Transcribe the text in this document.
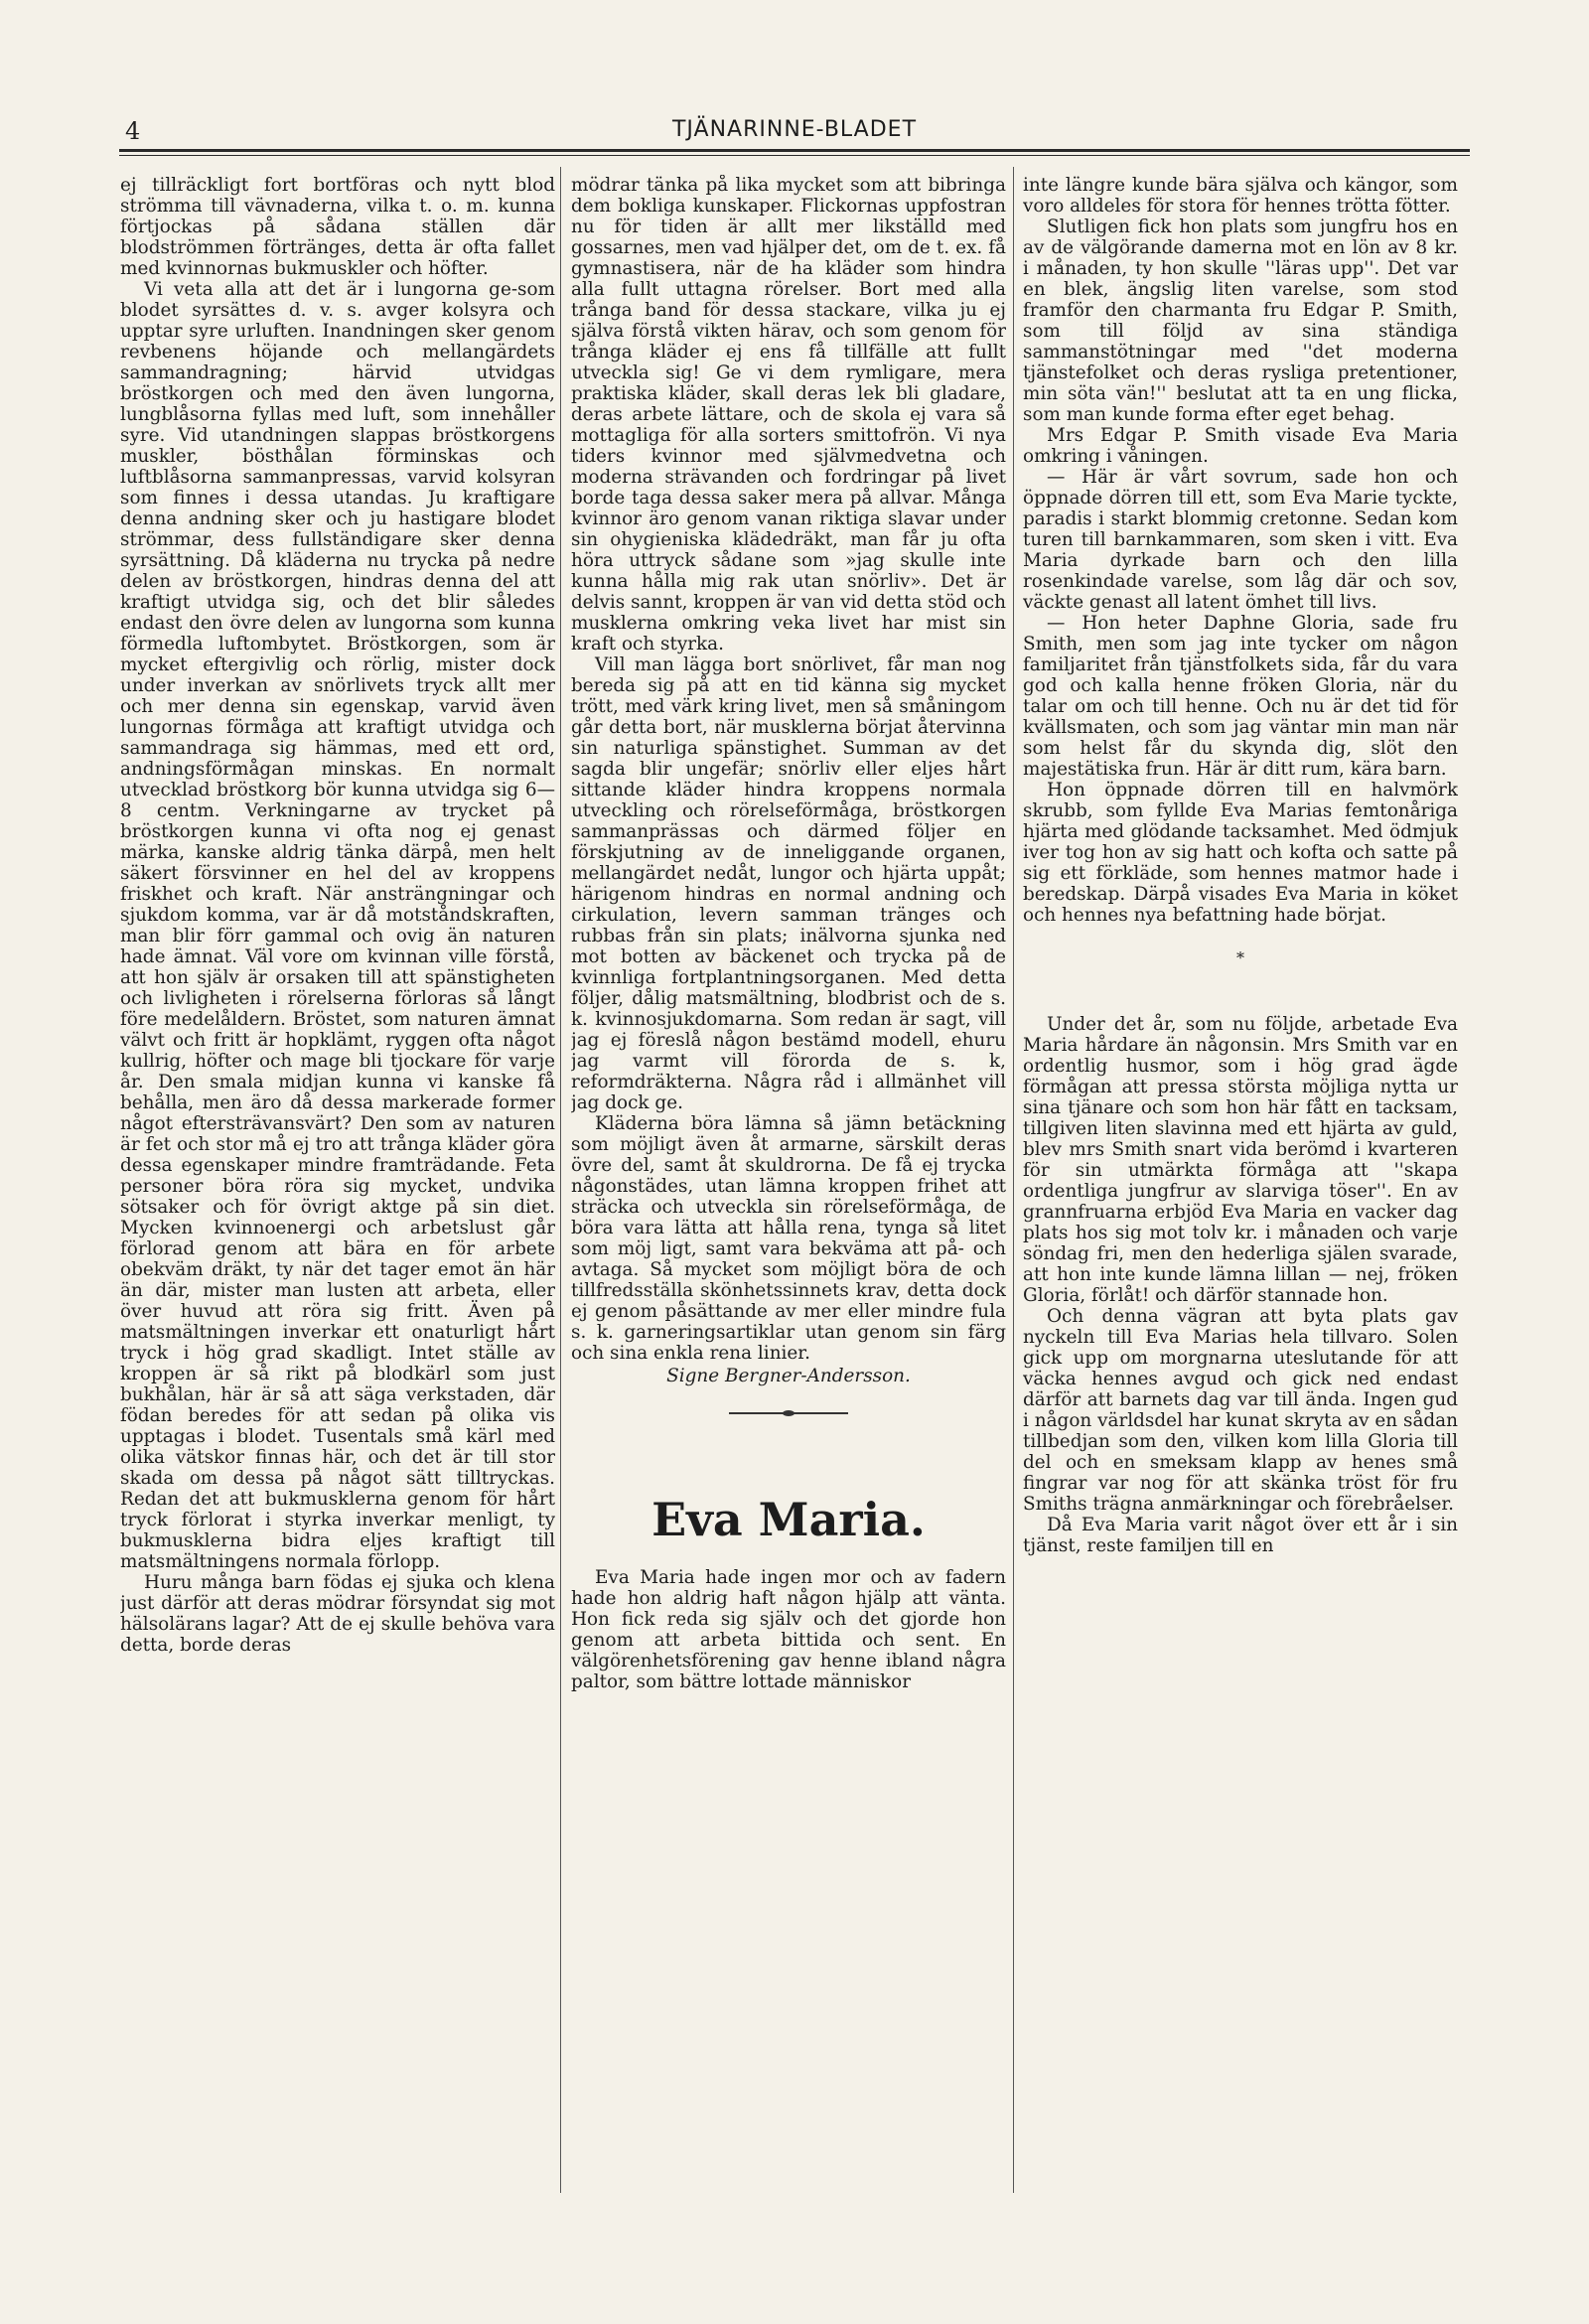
4	TJÄNARINNE-BLADET

ej tillräckligt fort bortföras och nytt blod strömma till vävnaderna, vilka t. o. m. kunna förtjockas på sådana ställen där blodströmmen förtränges, detta är ofta fallet med kvinnornas bukmuskler och höfter.

Vi veta alla att det är i lungorna ge-som blodet syrsättes d. v. s. avger kolsyra och upptar syre urluften. Inandningen sker genom revbenens höjande och mellangärdets sammandragning; härvid utvidgas bröstkorgen och med den även lungorna, lungblåsorna fyllas med luft, som innehåller syre. Vid utandningen slappas bröstkorgens muskler, bösthålan förminskas och luftblåsorna sammanpressas, varvid kolsyran som finnes i dessa utandas. Ju kraftigare denna andning sker och ju hastigare blodet strömmar, dess fullständigare sker denna syrsättning. Då kläderna nu trycka på nedre delen av bröstkorgen, hindras denna del att kraftigt utvidga sig, och det blir således endast den övre delen av lungorna som kunna förmedla luftombytet. Bröstkorgen, som är mycket eftergivlig och rörlig, mister dock under inverkan av snörlivets tryck allt mer och mer denna sin egenskap, varvid även lungornas förmåga att kraftigt utvidga och sammandraga sig hämmas, med ett ord, andningsförmågan minskas. En normalt utvecklad bröstkorg bör kunna utvidga sig 6—8 centm. Verkningarne av trycket på bröstkorgen kunna vi ofta nog ej genast märka, kanske aldrig tänka därpå, men helt säkert försvinner en hel del av kroppens friskhet och kraft. När ansträngningar och sjukdom komma, var är då motståndskraften, man blir förr gammal och ovig än naturen hade ämnat. Väl vore om kvinnan ville förstå, att hon själv är orsaken till att spänstigheten och livligheten i rörelserna förloras så långt före medelåldern. Bröstet, som naturen ämnat välvt och fritt är hopklämt, ryggen ofta något kullrig, höfter och mage bli tjockare för varje år. Den smala midjan kunna vi kanske få behålla, men äro då dessa markerade former något eftersträvansvärt? Den som av naturen är fet och stor må ej tro att trånga kläder göra dessa egenskaper mindre framträdande. Feta personer böra röra sig mycket, undvika sötsaker och för övrigt aktge på sin diet. Mycken kvinnoenergi och arbetslust går förlorad genom att bära en för arbete obekväm dräkt, ty när det tager emot än här än där, mister man lusten att arbeta, eller över huvud att röra sig fritt. Även på matsmältningen inverkar ett onaturligt hårt tryck i hög grad skadligt. Intet ställe av kroppen är så rikt på blodkärl som just bukhålan, här är så att säga verkstaden, där födan beredes för att sedan på olika vis upptagas i blodet. Tusentals små kärl med olika vätskor finnas här, och det är till stor skada om dessa på något sätt tilltryckas. Redan det att bukmusklerna genom för hårt tryck förlorat i styrka inverkar menligt, ty bukmusklerna bidra eljes kraftigt till matsmältningens normala förlopp.

Huru många barn födas ej sjuka och klena just därför att deras mödrar försyndat sig mot hälsolärans lagar? Att de ej skulle behöva vara detta, borde deras

mödrar tänka på lika mycket som att bibringa dem bokliga kunskaper. Flickornas uppfostran nu för tiden är allt mer likställd med gossarnes, men vad hjälper det, om de t. ex. få gymnastisera, när de ha kläder som hindra alla fullt uttagna rörelser. Bort med alla trånga band för dessa stackare, vilka ju ej själva förstå vikten härav, och som genom för trånga kläder ej ens få tillfälle att fullt utveckla sig! Ge vi dem rymligare, mera praktiska kläder, skall deras lek bli gladare, deras arbete lättare, och de skola ej vara så mottagliga för alla sorters smittofrön. Vi nya tiders kvinnor med självmedvetna och moderna strävanden och fordringar på livet borde taga dessa saker mera på allvar. Många kvinnor äro genom vanan riktiga slavar under sin ohygieniska klädedräkt, man får ju ofta höra uttryck sådane som »jag skulle inte kunna hålla mig rak utan snörliv». Det är delvis sannt, kroppen är van vid detta stöd och musklerna omkring veka livet har mist sin kraft och styrka.

Vill man lägga bort snörlivet, får man nog bereda sig på att en tid känna sig mycket trött, med värk kring livet, men så småningom går detta bort, när musklerna börjat återvinna sin naturliga spänstighet. Summan av det sagda blir ungefär; snörliv eller eljes hårt sittande kläder hindra kroppens normala utveckling och rörelseförmåga, bröstkorgen sammanprässas och därmed följer en förskjutning av de inneliggande organen, mellangärdet nedåt, lungor och hjärta uppåt; härigenom hindras en normal andning och cirkulation, levern samman tränges och rubbas från sin plats; inälvorna sjunka ned mot botten av bäckenet och trycka på de kvinnliga fortplantningsorganen. Med detta följer, dålig matsmältning, blodbrist och de s. k. kvinnosjukdomarna. Som redan är sagt, vill jag ej föreslå någon bestämd modell, ehuru jag varmt vill förorda de s. k, reformdräkterna. Några råd i allmänhet vill jag dock ge.

Kläderna böra lämna så jämn betäckning som möjligt även åt armarne, särskilt deras övre del, samt åt skuldrorna. De få ej trycka någonstädes, utan lämna kroppen frihet att sträcka och utveckla sin rörelseförmåga, de böra vara lätta att hålla rena, tynga så litet som möj ligt, samt vara bekväma att på- och avtaga. Så mycket som möjligt böra de och tillfredsställa skönhetssinnets krav, detta dock ej genom påsättande av mer eller mindre fula s. k. garneringsartiklar utan genom sin färg och sina enkla rena linier.

Signe Bergner-Andersson.

Eva Maria.

Eva Maria hade ingen mor och av fadern hade hon aldrig haft någon hjälp att vänta. Hon fick reda sig själv och det gjorde hon genom att arbeta bittida och sent. En välgörenhetsförening gav henne ibland några paltor, som bättre lottade människor

inte längre kunde bära själva och kängor, som voro alldeles för stora för hennes trötta fötter.

Slutligen fick hon plats som jungfru hos en av de välgörande damerna mot en lön av 8 kr. i månaden, ty hon skulle ''läras upp''. Det var en blek, ängslig liten varelse, som stod framför den charmanta fru Edgar P. Smith, som till följd av sina ständiga sammanstötningar med ''det moderna tjänstefolket och deras rysliga pretentioner, min söta vän!'' beslutat att ta en ung flicka, som man kunde forma efter eget behag.

Mrs Edgar P. Smith visade Eva Maria omkring i våningen.

— Här är vårt sovrum, sade hon och öppnade dörren till ett, som Eva Marie tyckte, paradis i starkt blommig cretonne. Sedan kom turen till barnkammaren, som sken i vitt. Eva Maria dyrkade barn och den lilla rosenkindade varelse, som låg där och sov, väckte genast all latent ömhet till livs.

— Hon heter Daphne Gloria, sade fru Smith, men som jag inte tycker om någon familjaritet från tjänstfolkets sida, får du vara god och kalla henne fröken Gloria, när du talar om och till henne. Och nu är det tid för kvällsmaten, och som jag väntar min man när som helst får du skynda dig, slöt den majestätiska frun. Här är ditt rum, kära barn.

Hon öppnade dörren till en halvmörk skrubb, som fyllde Eva Marias femtonåriga hjärta med glödande tacksamhet. Med ödmjuk iver tog hon av sig hatt och kofta och satte på sig ett förkläde, som hennes matmor hade i beredskap. Därpå visades Eva Maria in köket och hennes nya befattning hade börjat.

*

Under det år, som nu följde, arbetade Eva Maria hårdare än någonsin. Mrs Smith var en ordentlig husmor, som i hög grad ägde förmågan att pressa största möjliga nytta ur sina tjänare och som hon här fått en tacksam, tillgiven liten slavinna med ett hjärta av guld, blev mrs Smith snart vida berömd i kvarteren för sin utmärkta förmåga att ''skapa ordentliga jungfrur av slarviga töser''. En av grannfruarna erbjöd Eva Maria en vacker dag plats hos sig mot tolv kr. i månaden och varje söndag fri, men den hederliga själen svarade, att hon inte kunde lämna lillan — nej, fröken Gloria, förlåt! och därför stannade hon.

Och denna vägran att byta plats gav nyckeln till Eva Marias hela tillvaro. Solen gick upp om morgnarna uteslutande för att väcka hennes avgud och gick ned endast därför att barnets dag var till ända. Ingen gud i någon världsdel har kunat skryta av en sådan tillbedjan som den, vilken kom lilla Gloria till del och en smeksam klapp av henes små fingrar var nog för att skänka tröst för fru Smiths trägna anmärkningar och förebråelser.

Då Eva Maria varit något över ett år i sin tjänst, reste familjen till en
